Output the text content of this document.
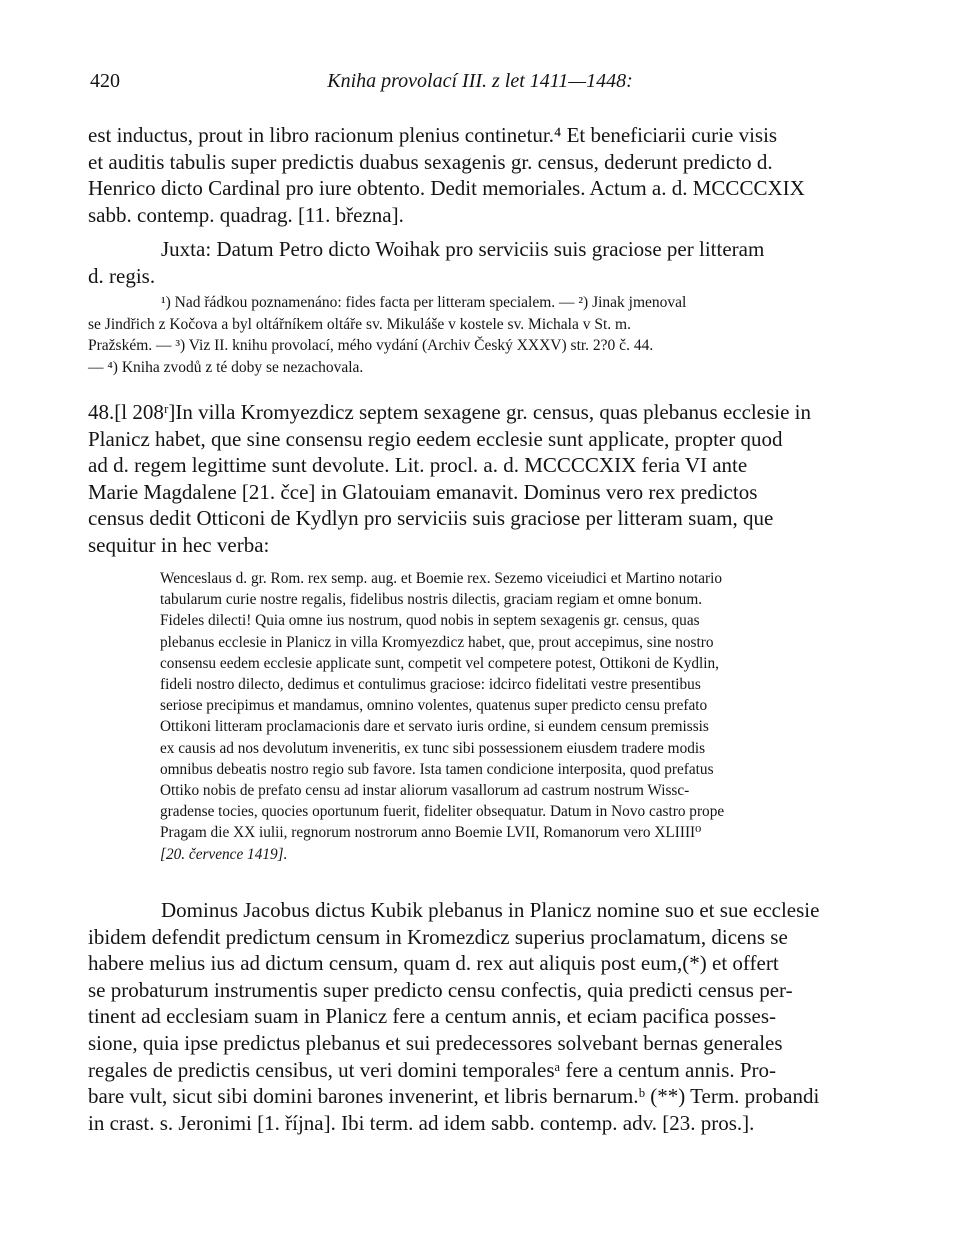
420	Kniha provolací III. z let 1411—1448:
est inductus, prout in libro racionum plenius continetur.⁴ Et beneficiarii curie visis
et auditis tabulis super predictis duabus sexagenis gr. census, dederunt predicto d.
Henrico dicto Cardinal pro iure obtento. Dedit memoriales. Actum a. d. MCCCCXIX
sabb. contemp. quadrag. [11. března].
Juxta: Datum Petro dicto Woihak pro serviciis suis graciose per litteram
d. regis.
¹) Nad řádkou poznamenáno: fides facta per litteram specialem. — ²) Jinak jmenoval
se Jindřich z Kočova a byl oltářníkem oltáře sv. Mikuláše v kostele sv. Michala v St. m.
Pražském. — ³) Viz II. knihu provolací, mého vydání (Archiv Český XXXV) str. 2?0 č. 44.
— ⁴) Kniha zvodů z té doby se nezachovala.
48.[l 208ʳ]In villa Kromyezdicz septem sexagene gr. census, quas plebanus ecclesie in
Planicz habet, que sine consensu regio eedem ecclesie sunt applicate, propter quod
ad d. regem legittime sunt devolute. Lit. procl. a. d. MCCCCXIX feria VI ante
Marie Magdalene [21. čce] in Glatouiam emanavit. Dominus vero rex predictos
census dedit Otticoni de Kydlyn pro serviciis suis graciose per litteram suam, que
sequitur in hec verba:
Wenceslaus d. gr. Rom. rex semp. aug. et Boemie rex. Sezemo viceiudici et Martino notario
tabularum curie nostre regalis, fidelibus nostris dilectis, graciam regiam et omne bonum.
Fideles dilecti! Quia omne ius nostrum, quod nobis in septem sexagenis gr. census, quas
plebanus ecclesie in Planicz in villa Kromyezdicz habet, que, prout accepimus, sine nostro
consensu eedem ecclesie applicate sunt, competit vel competere potest, Ottikoni de Kydlin,
fideli nostro dilecto, dedimus et contulimus graciose: idcirco fidelitati vestre presentibus
seriose precipimus et mandamus, omnino volentes, quatenus super predicto censu prefato
Ottikoni litteram proclamacionis dare et servato iuris ordine, si eundem censum premissis
ex causis ad nos devolutum inveneritis, ex tunc sibi possessionem eiusdem tradere modis
omnibus debeatis nostro regio sub favore. Ista tamen condicione interposita, quod prefatus
Ottiko nobis de prefato censu ad instar aliorum vasallorum ad castrum nostrum Wissc-
gradense tocies, quocies oportunum fuerit, fideliter obsequatur. Datum in Novo castro prope
Pragam die XX iulii, regnorum nostrorum anno Boemie LVII, Romanorum vero XLIIII⁰
[20. července 1419].
Dominus Jacobus dictus Kubik plebanus in Planicz nomine suo et sue ecclesie
ibidem defendit predictum censum in Kromezdicz superius proclamatum, dicens se
habere melius ius ad dictum censum, quam d. rex aut aliquis post eum,(*) et offert
se probaturum instrumentis super predicto censu confectis, quia predicti census per-
tinent ad ecclesiam suam in Planicz fere a centum annis, et eciam pacifica posses-
sione, quia ipse predictus plebanus et sui predecessores solvebant bernas generales
regales de predictis censibus, ut veri domini temporalesᵃ fere a centum annis. Pro-
bare vult, sicut sibi domini barones invenerint, et libris bernarum.ᵇ (**) Term. probandi
in crast. s. Jeronimi [1. října]. Ibi term. ad idem sabb. contemp. adv. [23. pros.].
